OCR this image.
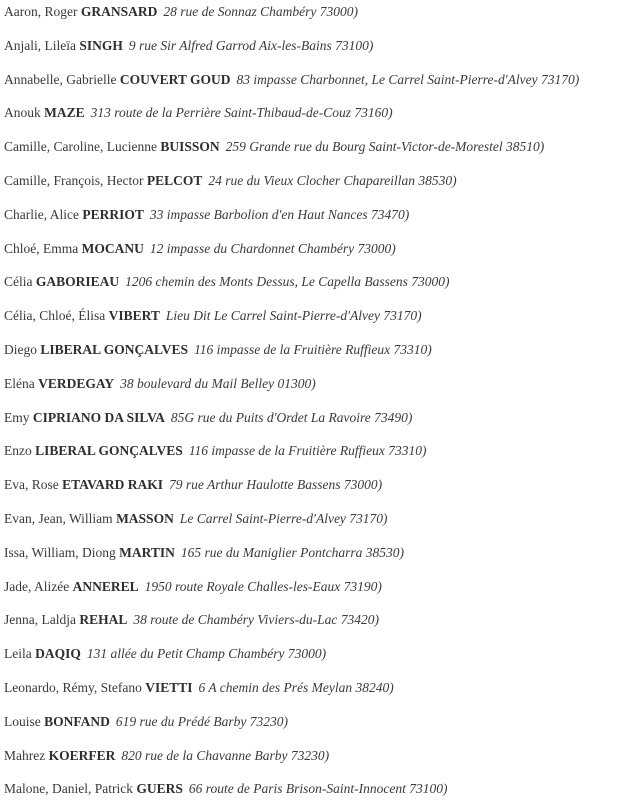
Aaron, Roger GRANSARD 28 rue de Sonnaz Chambéry 73000)
Anjali, Lileïa SINGH 9 rue Sir Alfred Garrod Aix-les-Bains 73100)
Annabelle, Gabrielle COUVERT GOUD 83 impasse Charbonnet, Le Carrel Saint-Pierre-d'Alvey 73170)
Anouk MAZE 313 route de la Perrière Saint-Thibaud-de-Couz 73160)
Camille, Caroline, Lucienne BUISSON 259 Grande rue du Bourg Saint-Victor-de-Morestel 38510)
Camille, François, Hector PELCOT 24 rue du Vieux Clocher Chapareillan 38530)
Charlie, Alice PERRIOT 33 impasse Barbolion d'en Haut Nances 73470)
Chloé, Emma MOCANU 12 impasse du Chardonnet Chambéry 73000)
Célia GABORIEAU 1206 chemin des Monts Dessus, Le Capella Bassens 73000)
Célia, Chloé, Élisa VIBERT Lieu Dit Le Carrel Saint-Pierre-d'Alvey 73170)
Diego LIBERAL GONÇALVES 116 impasse de la Fruitière Ruffieux 73310)
Eléna VERDEGAY 38 boulevard du Mail Belley 01300)
Emy CIPRIANO DA SILVA 85G rue du Puits d'Ordet La Ravoire 73490)
Enzo LIBERAL GONÇALVES 116 impasse de la Fruitière Ruffieux 73310)
Eva, Rose ETAVARD RAKI 79 rue Arthur Haulotte Bassens 73000)
Evan, Jean, William MASSON Le Carrel Saint-Pierre-d'Alvey 73170)
Issa, William, Diong MARTIN 165 rue du Maniglier Pontcharra 38530)
Jade, Alizée ANNEREL 1950 route Royale Challes-les-Eaux 73190)
Jenna, Laldja REHAL 38 route de Chambéry Viviers-du-Lac 73420)
Leila DAQIQ 131 allée du Petit Champ Chambéry 73000)
Leonardo, Rémy, Stefano VIETTI 6 A chemin des Prés Meylan 38240)
Louise BONFAND 619 rue du Prédé Barby 73230)
Mahrez KOERFER 820 rue de la Chavanne Barby 73230)
Malone, Daniel, Patrick GUERS 66 route de Paris Brison-Saint-Innocent 73100)
